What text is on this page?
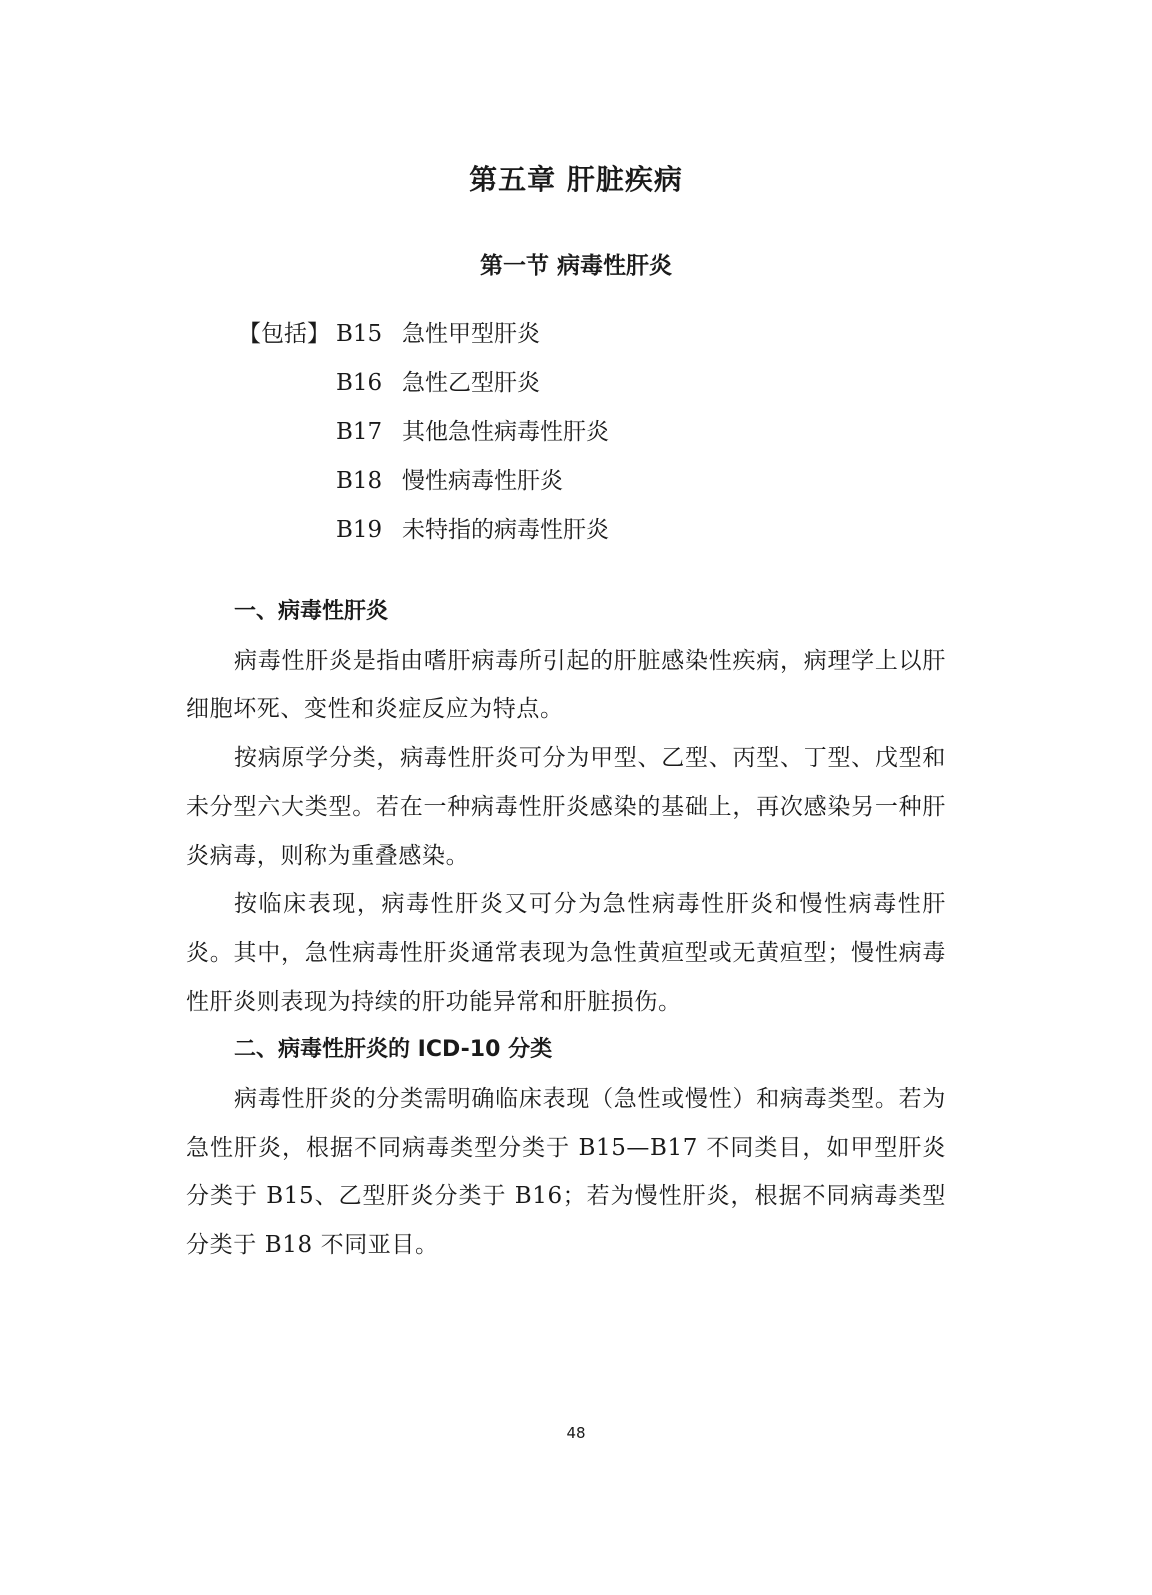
第五章 肝脏疾病
第一节 病毒性肝炎
【包括】 B15 急性甲型肝炎
B16 急性乙型肝炎
B17 其他急性病毒性肝炎
B18 慢性病毒性肝炎
B19 未特指的病毒性肝炎
一、病毒性肝炎

病毒性肝炎是指由嗜肝病毒所引起的肝脏感染性疾病，病理学上以肝细胞坏死、变性和炎症反应为特点。

按病原学分类，病毒性肝炎可分为甲型、乙型、丙型、丁型、戊型和未分型六大类型。若在一种病毒性肝炎感染的基础上，再次感染另一种肝炎病毒，则称为重叠感染。

按临床表现，病毒性肝炎又可分为急性病毒性肝炎和慢性病毒性肝炎。其中，急性病毒性肝炎通常表现为急性黄疸型或无黄疸型；慢性病毒性肝炎则表现为持续的肝功能异常和肝脏损伤。

二、病毒性肝炎的 ICD-10 分类

病毒性肝炎的分类需明确临床表现（急性或慢性）和病毒类型。若为急性肝炎，根据不同病毒类型分类于 B15—B17 不同类目，如甲型肝炎分类于 B15、乙型肝炎分类于 B16；若为慢性肝炎，根据不同病毒类型分类于 B18 不同亚目。

48
